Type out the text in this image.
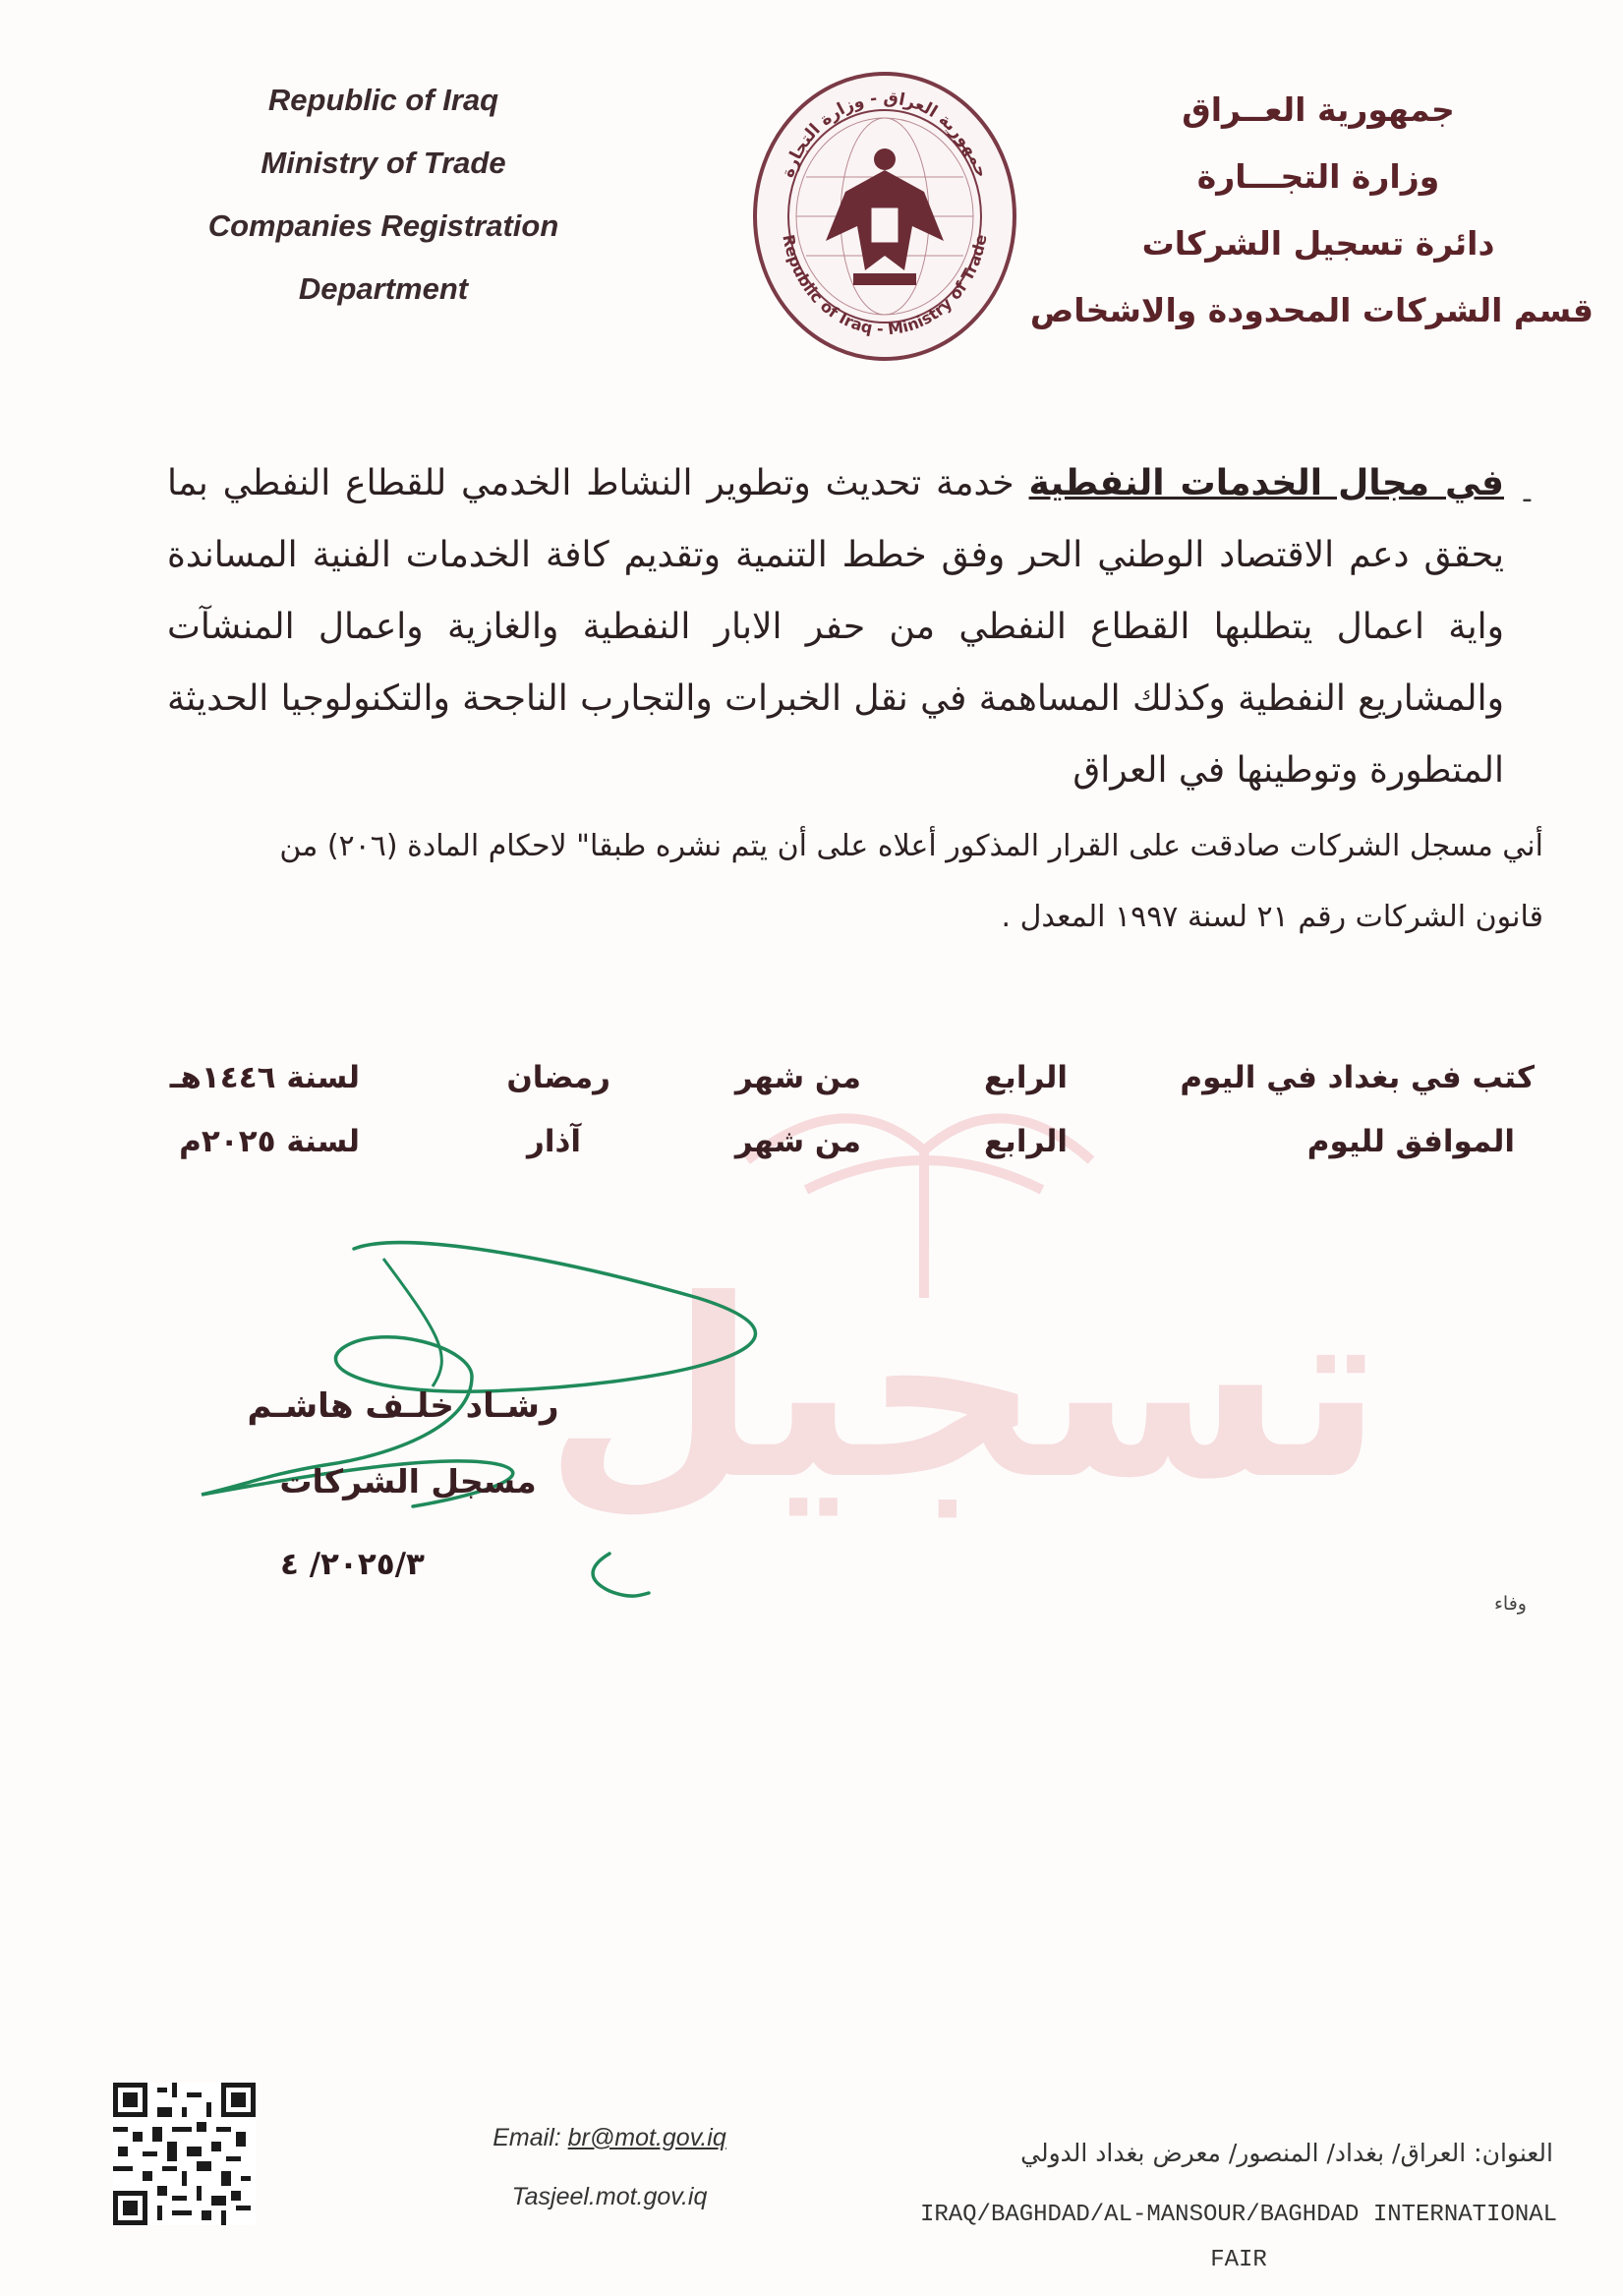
تسجيل
Republic of Iraq
Ministry of Trade
Companies Registration
Department
جمهورية العراق - وزارة التجارة
Republic of Iraq - Ministry of Trade
جمهورية العــراق
وزارة التجـــارة
دائرة تسجيل الشركات
قسم الشركات المحدودة والاشخاص
-
في مجال الخدمات النفطية خدمة تحديث وتطوير النشاط الخدمي للقطاع النفطي بما يحقق دعم الاقتصاد الوطني الحر وفق خطط التنمية وتقديم كافة الخدمات الفنية المساندة واية اعمال يتطلبها القطاع النفطي من حفر الابار النفطية والغازية واعمال المنشآت والمشاريع النفطية وكذلك المساهمة في نقل الخبرات والتجارب الناجحة والتكنولوجيا الحديثة المتطورة وتوطينها في العراق
أني مسجل الشركات صادقت على القرار المذكور أعلاه على أن يتم نشره طبقا" لاحكام المادة (٢٠٦) من
قانون الشركات رقم ٢١ لسنة ١٩٩٧ المعدل .
كتب في بغداد في اليوم
الرابع
من شهر
رمضان
لسنة ١٤٤٦هـ
الموافق لليوم
الرابع
من شهر
آذار
لسنة ٢٠٢٥م
رشـاد خلـف هاشـم
مسجل الشركات
٢٠٢٥/٣/ ٤
وفاء
Email: br@mot.gov.iq
Tasjeel.mot.gov.iq
العنوان: العراق/ بغداد/ المنصور/ معرض بغداد الدولي
IRAQ/BAGHDAD/AL-MANSOUR/BAGHDAD INTERNATIONAL FAIR
